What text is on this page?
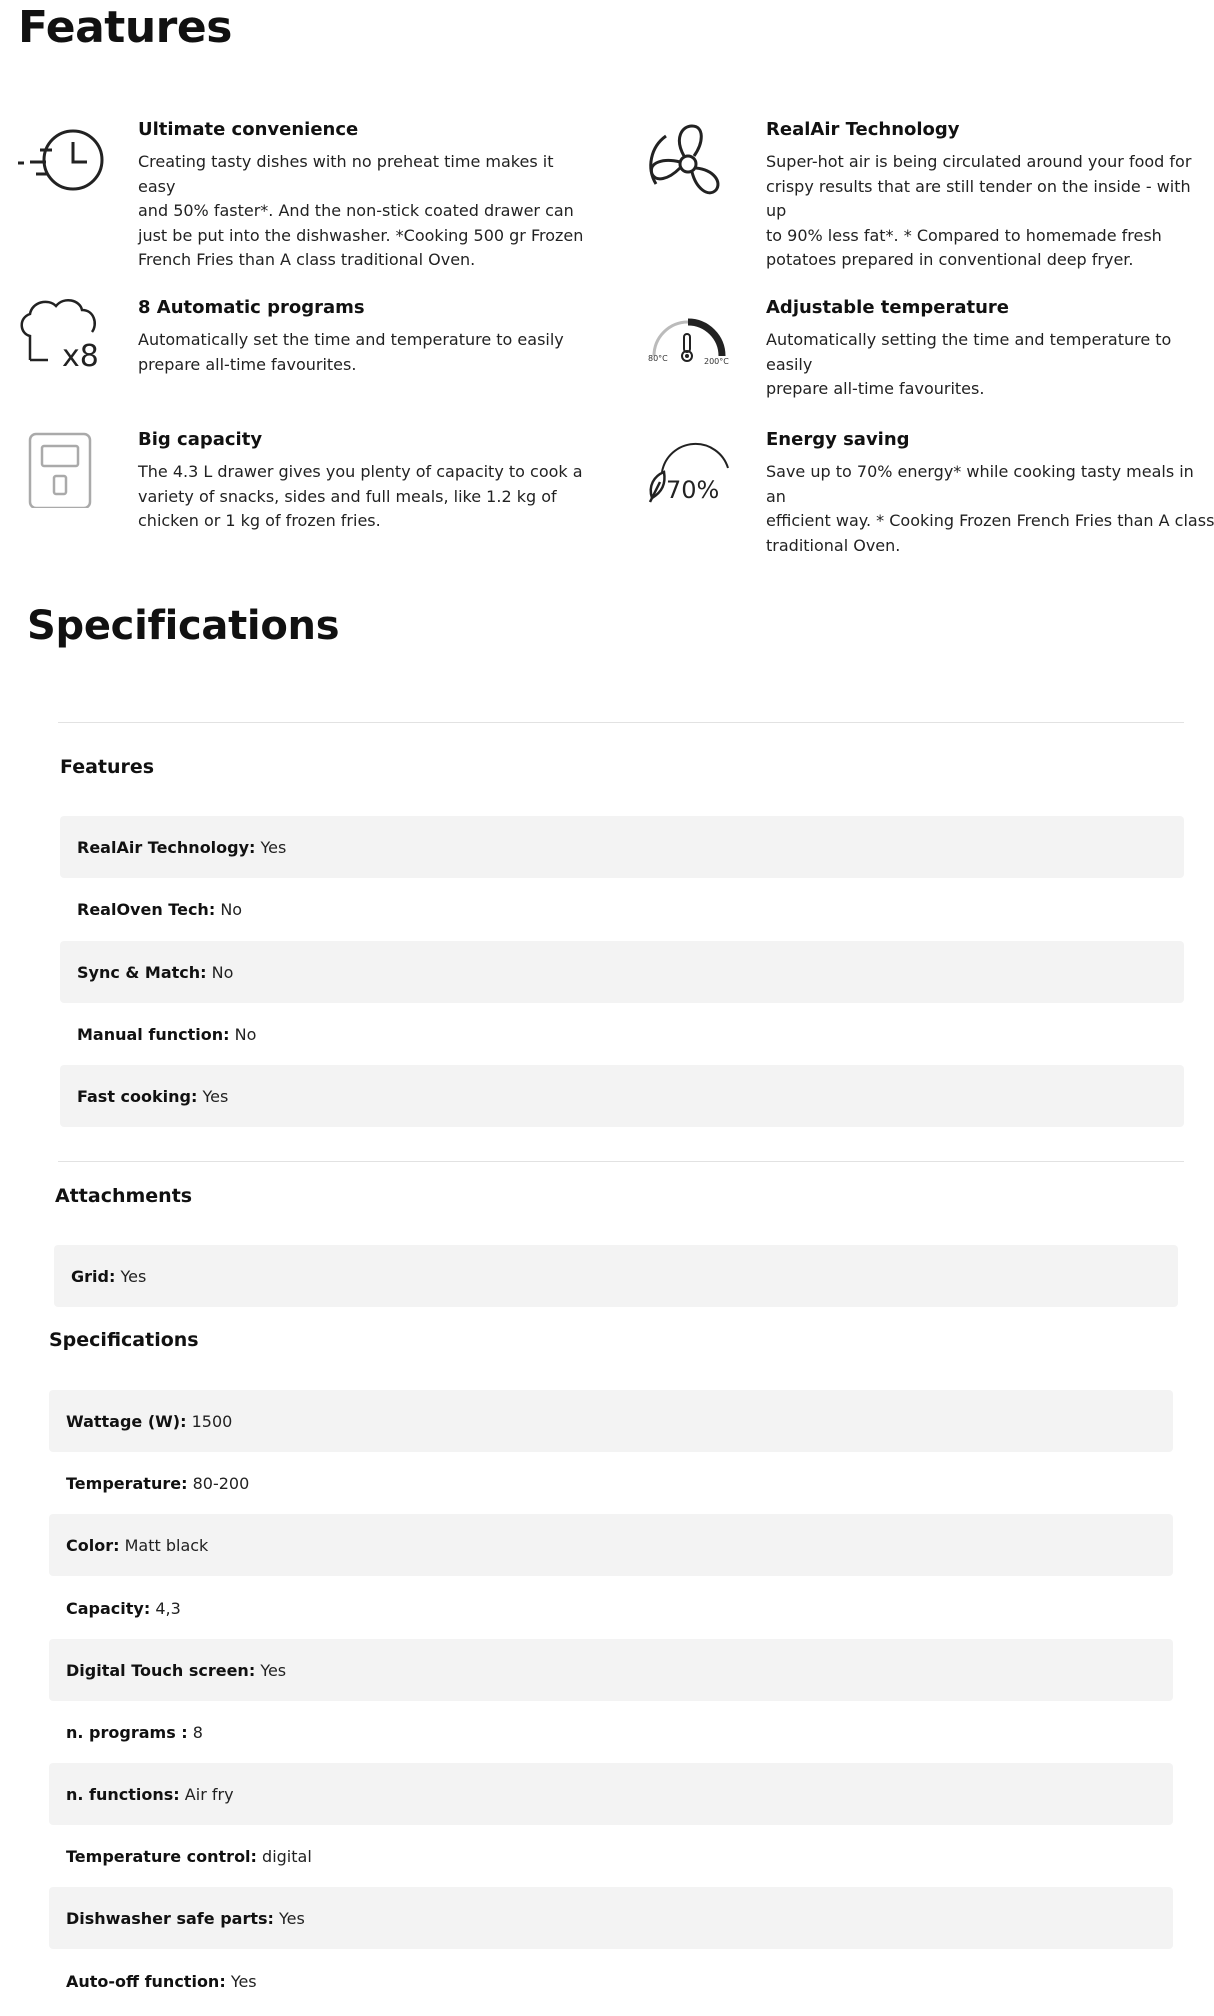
Features

Ultimate convenience

Creating tasty dishes with no preheat time makes it easy
and 50% faster*. And the non-stick coated drawer can
just be put into the dishwasher. *Cooking 500 gr Frozen
French Fries than A class traditional Oven.

RealAir Technology

Super-hot air is being circulated around your food for
crispy results that are still tender on the inside - with up
to 90% less fat*. * Compared to homemade fresh
potatoes prepared in conventional deep fryer.

x8

8 Automatic programs

Automatically set the time and temperature to easily
prepare all-time favourites.	80°C	200°C

Adjustable temperature

Automatically setting the time and temperature to easily
prepare all-time favourites.

Big capacity

The 4.3 L drawer gives you plenty of capacity to cook a
variety of snacks, sides and full meals, like 1.2 kg of
chicken or 1 kg of frozen fries.

70%

Energy saving

Save up to 70% energy* while cooking tasty meals in an
efficient way. * Cooking Frozen French Fries than A class
traditional Oven.

Specifications
Features
RealAir Technology:
Yes
RealOven Tech:
No
Sync & Match:
No
Manual function:
No
Fast cooking:
Yes
Attachments
Grid:
Yes
Specifications
Wattage (W):
1500
Temperature:
80-200
Color:
Matt black
Capacity:
4,3
Digital Touch screen:
Yes
n. programs :
8
n. functions:
Air fry
Temperature control:
digital
Dishwasher safe parts:
Yes
Auto-off function:
Yes
